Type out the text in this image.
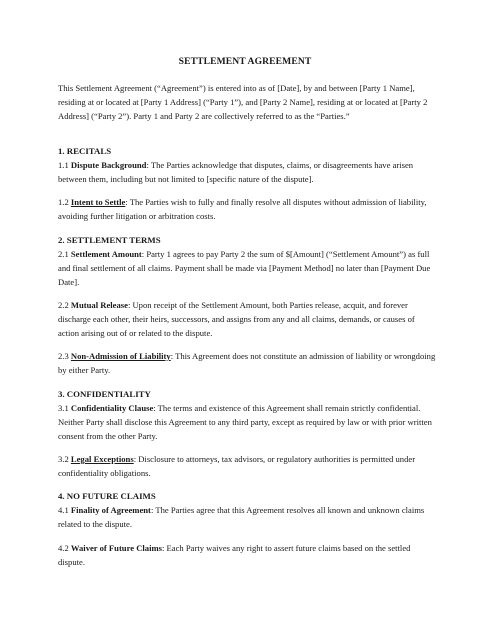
SETTLEMENT AGREEMENT
This Settlement Agreement (“Agreement”) is entered into as of [Date], by and between [Party 1 Name], residing at or located at [Party 1 Address] (“Party 1”), and [Party 2 Name], residing at or located at [Party 2 Address] (“Party 2”). Party 1 and Party 2 are collectively referred to as the “Parties.”
1. RECITALS
1.1 Dispute Background: The Parties acknowledge that disputes, claims, or disagreements have arisen between them, including but not limited to [specific nature of the dispute].
1.2 Intent to Settle: The Parties wish to fully and finally resolve all disputes without admission of liability, avoiding further litigation or arbitration costs.
2. SETTLEMENT TERMS
2.1 Settlement Amount: Party 1 agrees to pay Party 2 the sum of $[Amount] (“Settlement Amount”) as full and final settlement of all claims. Payment shall be made via [Payment Method] no later than [Payment Due Date].
2.2 Mutual Release: Upon receipt of the Settlement Amount, both Parties release, acquit, and forever discharge each other, their heirs, successors, and assigns from any and all claims, demands, or causes of action arising out of or related to the dispute.
2.3 Non-Admission of Liability: This Agreement does not constitute an admission of liability or wrongdoing by either Party.
3. CONFIDENTIALITY
3.1 Confidentiality Clause: The terms and existence of this Agreement shall remain strictly confidential. Neither Party shall disclose this Agreement to any third party, except as required by law or with prior written consent from the other Party.
3.2 Legal Exceptions: Disclosure to attorneys, tax advisors, or regulatory authorities is permitted under confidentiality obligations.
4. NO FUTURE CLAIMS
4.1 Finality of Agreement: The Parties agree that this Agreement resolves all known and unknown claims related to the dispute.
4.2 Waiver of Future Claims: Each Party waives any right to assert future claims based on the settled dispute.
